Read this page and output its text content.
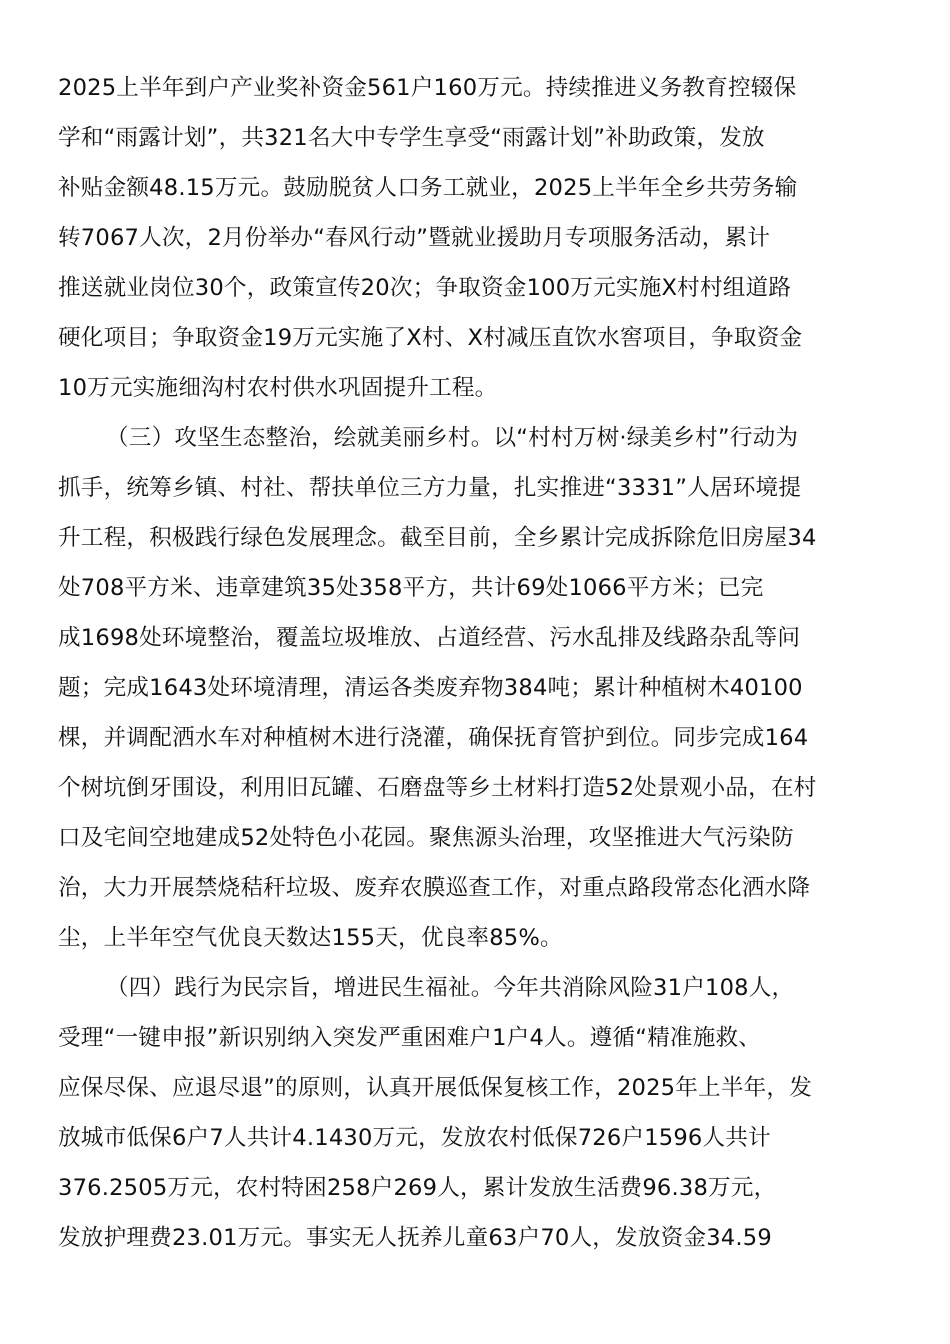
2025上半年到户产业奖补资金561户160万元。持续推进义务教育控辍保
学和“雨露计划”，共321名大中专学生享受“雨露计划”补助政策，发放
补贴金额48.15万元。鼓励脱贫人口务工就业，2025上半年全乡共劳务输
转7067人次，2月份举办“春风行动”暨就业援助月专项服务活动，累计
推送就业岗位30个，政策宣传20次；争取资金100万元实施X村村组道路
硬化项目；争取资金19万元实施了X村、X村减压直饮水窖项目，争取资金
10万元实施细沟村农村供水巩固提升工程。
（三）攻坚生态整治，绘就美丽乡村。以“村村万树·绿美乡村”行动为
抓手，统筹乡镇、村社、帮扶单位三方力量，扎实推进“3331”人居环境提
升工程，积极践行绿色发展理念。截至目前，全乡累计完成拆除危旧房屋34
处708平方米、违章建筑35处358平方，共计69处1066平方米；已完
成1698处环境整治，覆盖垃圾堆放、占道经营、污水乱排及线路杂乱等问
题；完成1643处环境清理，清运各类废弃物384吨；累计种植树木40100
棵，并调配洒水车对种植树木进行浇灌，确保抚育管护到位。同步完成164
个树坑倒牙围设，利用旧瓦罐、石磨盘等乡土材料打造52处景观小品，在村
口及宅间空地建成52处特色小花园。聚焦源头治理，攻坚推进大气污染防
治，大力开展禁烧秸秆垃圾、废弃农膜巡查工作，对重点路段常态化洒水降
尘，上半年空气优良天数达155天，优良率85%。
（四）践行为民宗旨，增进民生福祉。今年共消除风险31户108人，
受理“一键申报”新识别纳入突发严重困难户1户4人。遵循“精准施救、
应保尽保、应退尽退”的原则，认真开展低保复核工作，2025年上半年，发
放城市低保6户7人共计4.1430万元，发放农村低保726户1596人共计
376.2505万元，农村特困258户269人，累计发放生活费96.38万元，
发放护理费23.01万元。事实无人抚养儿童63户70人，发放资金34.59
